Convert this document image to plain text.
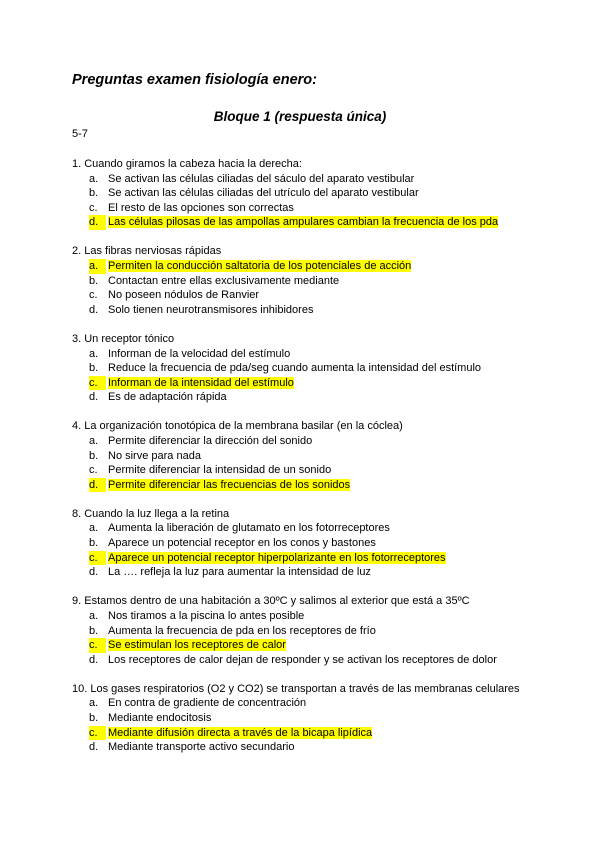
Preguntas examen fisiología enero:
Bloque 1 (respuesta única)
5-7
1. Cuando giramos la cabeza hacia la derecha:
a. Se activan las células ciliadas del sáculo del aparato vestibular
b. Se activan las células ciliadas del utrículo del aparato vestibular
c. El resto de las opciones son correctas
d. Las células pilosas de las ampollas ampulares cambian la frecuencia de los pda
2. Las fibras nerviosas rápidas
a. Permiten la conducción saltatoria de los potenciales de acción
b. Contactan entre ellas exclusivamente mediante
c. No poseen nódulos de Ranvier
d. Solo tienen neurotransmisores inhibidores
3. Un receptor tónico
a. Informan de la velocidad del estímulo
b. Reduce la frecuencia de pda/seg cuando aumenta la intensidad del estímulo
c. Informan de la intensidad del estímulo
d. Es de adaptación rápida
4. La organización tonotópica de la membrana basilar (en la cóclea)
a. Permite diferenciar la dirección del sonido
b. No sirve para nada
c. Permite diferenciar la intensidad de un sonido
d. Permite diferenciar las frecuencias de los sonidos
8. Cuando la luz llega a la retina
a. Aumenta la liberación de glutamato en los fotorreceptores
b. Aparece un potencial receptor en los conos y bastones
c. Aparece un potencial receptor hiperpolarizante en los fotorreceptores
d. La …. refleja la luz para aumentar la intensidad de luz
9. Estamos dentro de una habitación a 30ºC y salimos al exterior que está a 35ºC
a. Nos tiramos a la piscina lo antes posible
b. Aumenta la frecuencia de pda en los receptores de frío
c. Se estimulan los receptores de calor
d. Los receptores de calor dejan de responder y se activan los receptores de dolor
10. Los gases respiratorios (O2 y CO2) se transportan a través de las membranas celulares
a. En contra de gradiente de concentración
b. Mediante endocitosis
c. Mediante difusión directa a través de la bicapa lipídica
d. Mediante transporte activo secundario
